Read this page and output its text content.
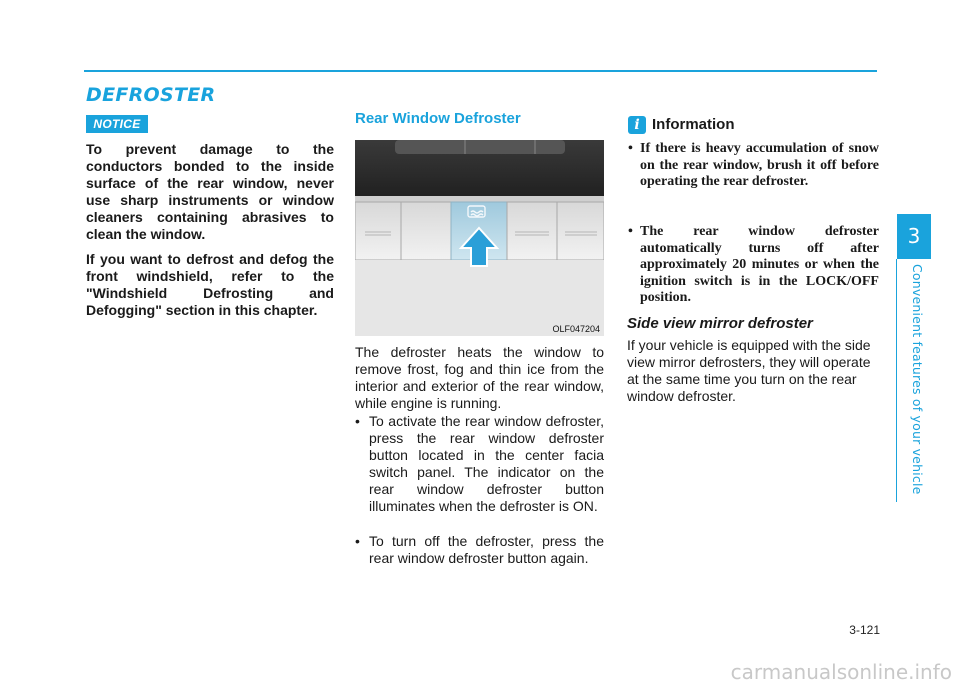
DEFROSTER
NOTICE

To prevent damage to the conductors bonded to the inside surface of the rear window, never use sharp instruments or window cleaners containing abrasives to clean the window.

If you want to defrost and defog the front windshield, refer to the "Windshield Defrosting and Defogging" section in this chapter.

Rear Window Defroster
OLF047204

The defroster heats the window to remove frost, fog and thin ice from the interior and exterior of the rear window, while engine is running.

• To activate the rear window defroster, press the rear window defroster button located in the center facia switch panel. The indicator on the rear window defroster button illuminates when the defroster is ON.

• To turn off the defroster, press the rear window defroster button again.

i Information

• If there is heavy accumulation of snow on the rear window, brush it off before operating the rear defroster.

• The rear window defroster automatically turns off after approximately 20 minutes or when the ignition switch is in the LOCK/OFF position.

Side view mirror defroster

If your vehicle is equipped with the side view mirror defrosters, they will operate at the same time you turn on the rear window defroster.

3
Convenient features of your vehicle
3-121
carmanualsonline.info
